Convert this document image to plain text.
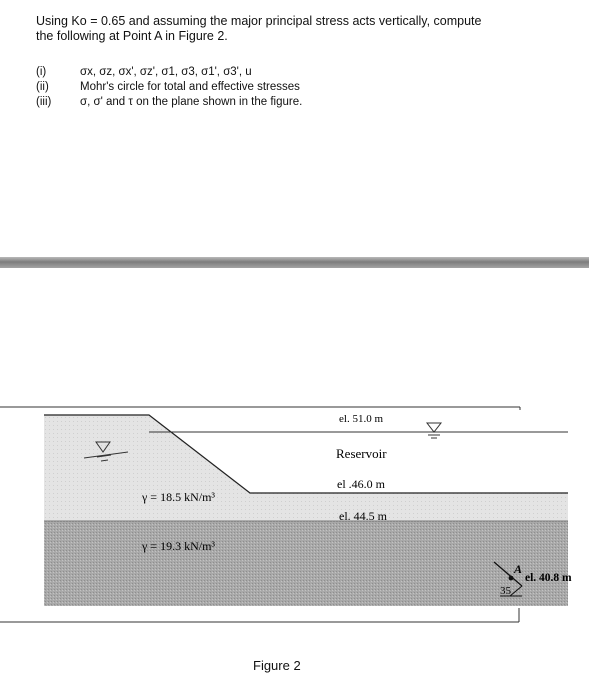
Using Ko = 0.65 and assuming the major principal stress acts vertically, compute

the following at Point A in Figure 2.

(i)	σx, σz, σx', σz', σ1, σ3, σ1', σ3', u
(ii)	Mohr's circle for total and effective stresses
(iii)	σ, σ' and τ on the plane shown in the figure.
el. 51.0 m
Reservoir
el .46.0 m
el. 44.5 m
γ = 18.5 kN/m³
γ = 19.3 kN/m³
A
35
el. 40.8 m
Figure 2
